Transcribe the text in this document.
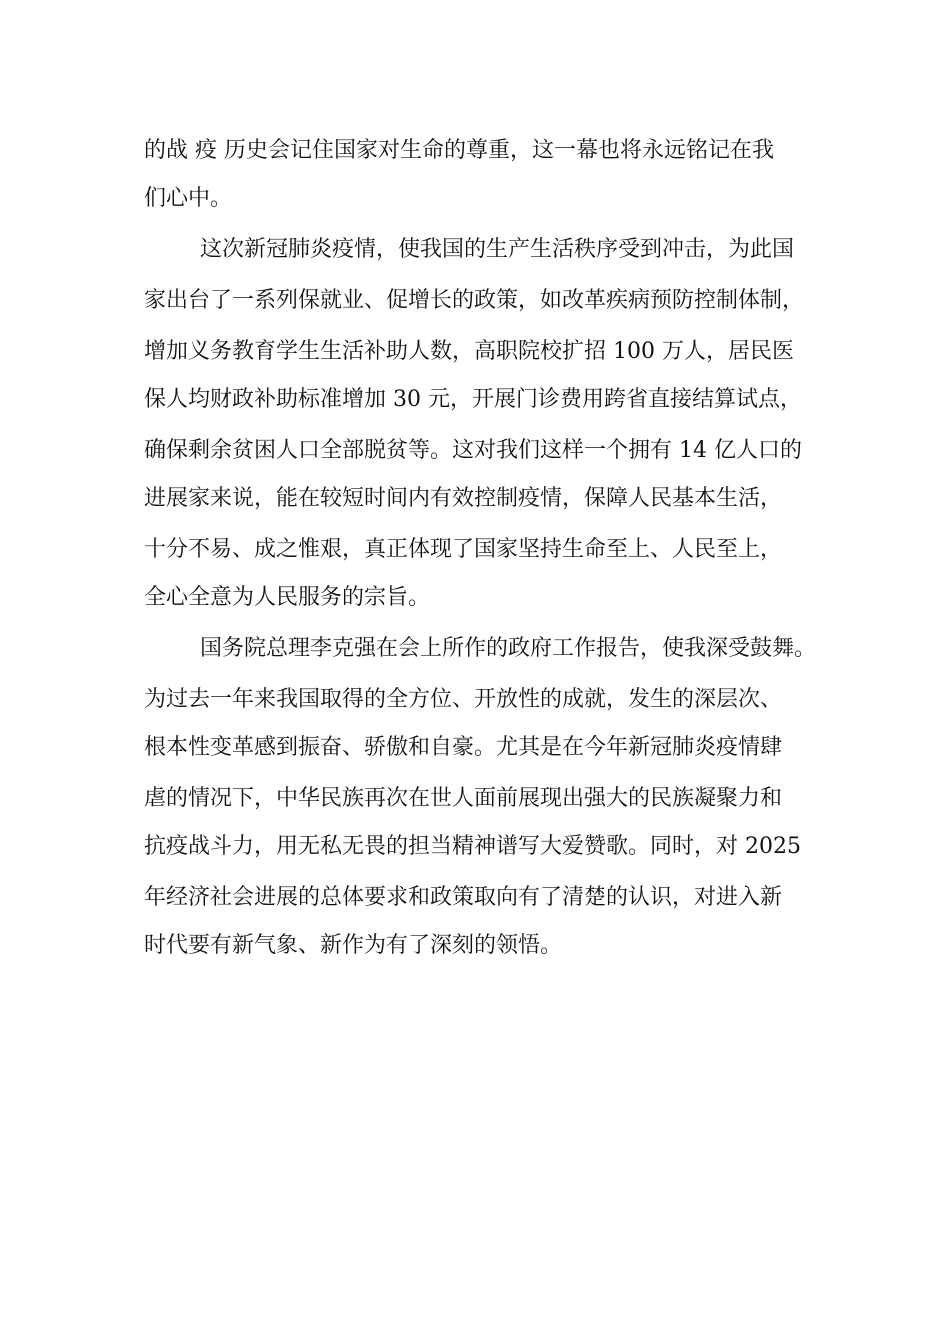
的战 疫 历史会记住国家对生命的尊重，这一幕也将永远铭记在我
们心中。
这次新冠肺炎疫情，使我国的生产生活秩序受到冲击，为此国
家出台了一系列保就业、促增长的政策，如改革疾病预防控制体制，
增加义务教育学生生活补助人数，高职院校扩招 100 万人，居民医
保人均财政补助标准增加 30 元，开展门诊费用跨省直接结算试点，
确保剩余贫困人口全部脱贫等。这对我们这样一个拥有 14 亿人口的
进展家来说，能在较短时间内有效控制疫情，保障人民基本生活，
十分不易、成之惟艰，真正体现了国家坚持生命至上、人民至上，
全心全意为人民服务的宗旨。
国务院总理李克强在会上所作的政府工作报告，使我深受鼓舞。
为过去一年来我国取得的全方位、开放性的成就，发生的深层次、
根本性变革感到振奋、骄傲和自豪。尤其是在今年新冠肺炎疫情肆
虐的情况下，中华民族再次在世人面前展现出强大的民族凝聚力和
抗疫战斗力，用无私无畏的担当精神谱写大爱赞歌。同时，对 2025
年经济社会进展的总体要求和政策取向有了清楚的认识，对进入新
时代要有新气象、新作为有了深刻的领悟。
